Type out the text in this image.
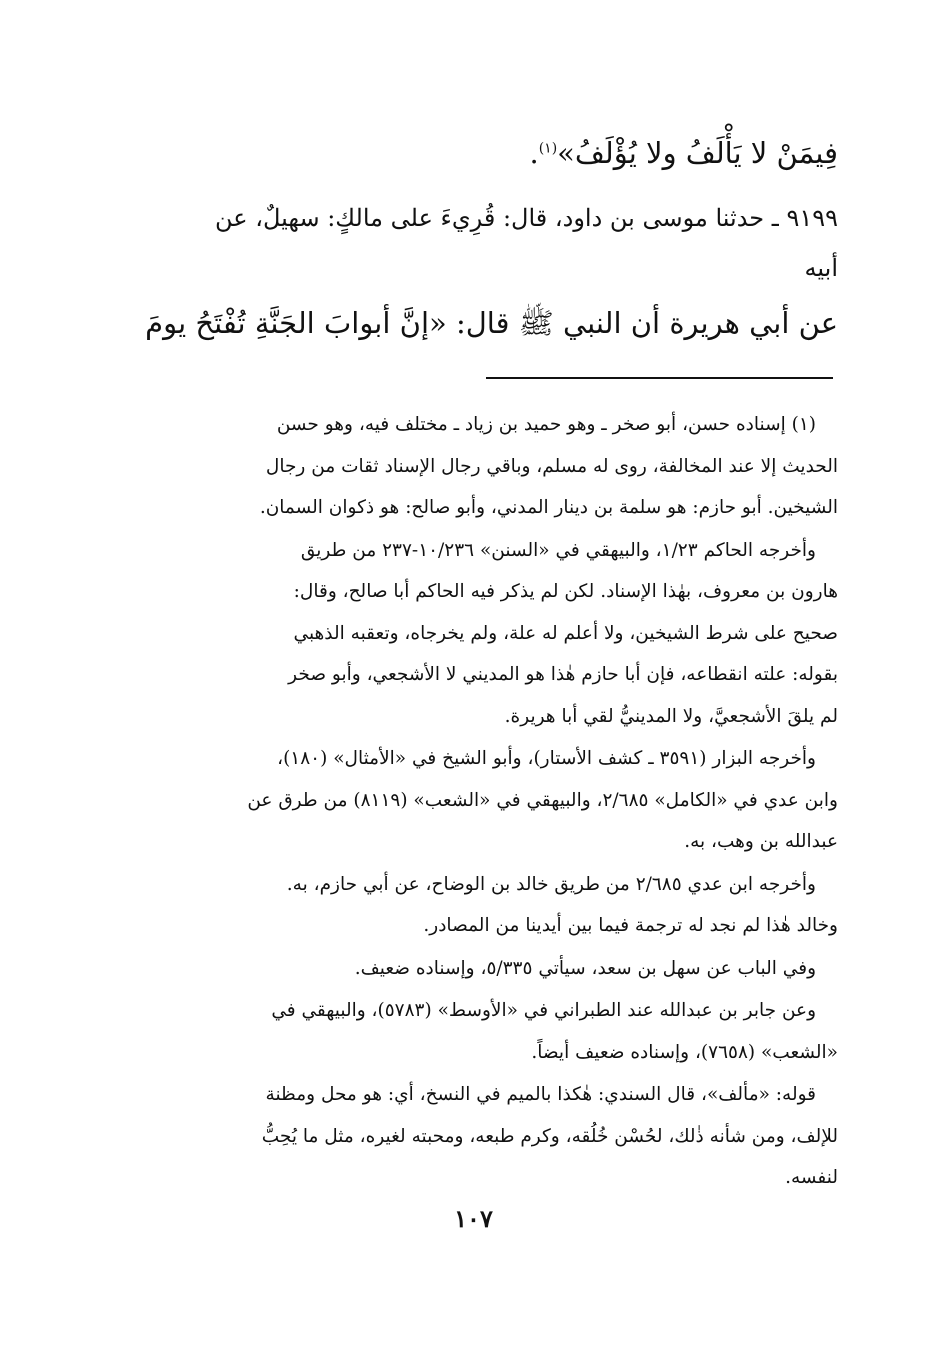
فِيمَنْ لا يَأْلَفُ ولا يُؤْلَفُ»$^{(١)}$.
٩١٩٩ ـ حدثنا موسى بن داود، قال: قُرِيءَ على مالكٍ: سهيلٌ، عن
أبيه
عن أبي هريرة أن النبي ﷺ قال: «إنَّ أبوابَ الجَنَّةِ تُفْتَحُ يومَ
(١) إسناده حسن، أبو صخر ـ وهو حميد بن زياد ـ مختلف فيه، وهو حسن
الحديث إلا عند المخالفة، روى له مسلم، وباقي رجال الإسناد ثقات من رجال
الشيخين. أبو حازم: هو سلمة بن دينار المدني، وأبو صالح: هو ذكوان السمان.
وأخرجه الحاكم ١/٢٣، والبيهقي في «السنن» ١٠/٢٣٦-٢٣٧ من طريق
هارون بن معروف، بهٰذا الإسناد. لكن لم يذكر فيه الحاكم أبا صالح، وقال:
صحيح على شرط الشيخين، ولا أعلم له علة، ولم يخرجاه، وتعقبه الذهبي
بقوله: علته انقطاعه، فإن أبا حازم هٰذا هو المديني لا الأشجعي، وأبو صخر
لم يلقَ الأشجعيَّ، ولا المدينيُّ لقي أبا هريرة.
وأخرجه البزار (٣٥٩١ ـ كشف الأستار)، وأبو الشيخ في «الأمثال» (١٨٠)،
وابن عدي في «الكامل» ٢/٦٨٥، والبيهقي في «الشعب» (٨١١٩) من طرق عن
عبدالله بن وهب، به.
وأخرجه ابن عدي ٢/٦٨٥ من طريق خالد بن الوضاح، عن أبي حازم، به.
وخالد هٰذا لم نجد له ترجمة فيما بين أيدينا من المصادر.
وفي الباب عن سهل بن سعد، سيأتي ٥/٣٣٥، وإسناده ضعيف.
وعن جابر بن عبدالله عند الطبراني في «الأوسط» (٥٧٨٣)، والبيهقي في
«الشعب» (٧٦٥٨)، وإسناده ضعيف أيضاً.
قوله: «مألف»، قال السندي: هٰكذا بالميم في النسخ، أي: هو محل ومظنة
للإلف، ومن شأنه ذٰلك، لحُسْن خُلُقه، وكرم طبعه، ومحبته لغيره، مثل ما يُحِبُّ
لنفسه.
١٠٧
